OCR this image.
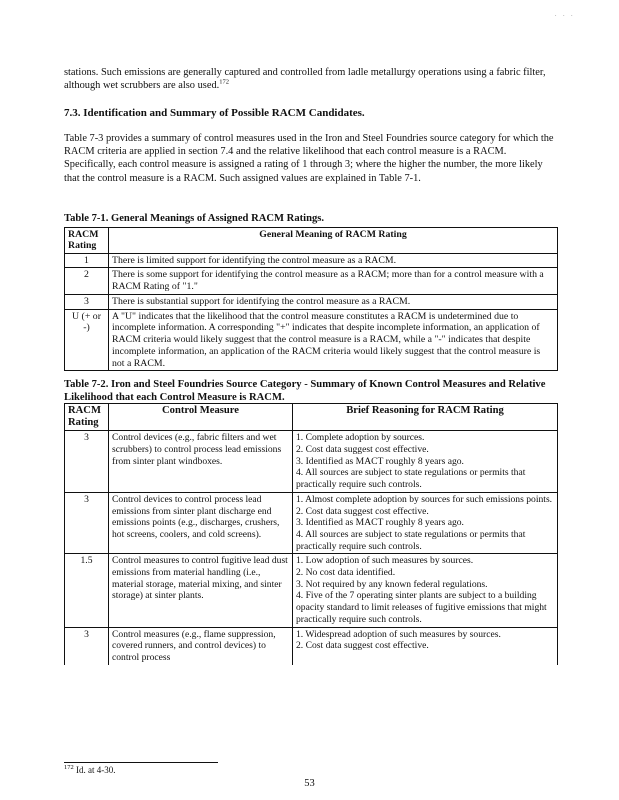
· · ·

stations. Such emissions are generally captured and controlled from ladle metallurgy operations using a fabric filter, although wet scrubbers are also used.$^{172}$

7.3. Identification and Summary of Possible RACM Candidates.

Table 7-3 provides a summary of control measures used in the Iron and Steel Foundries source category for which the RACM criteria are applied in section 7.4 and the relative likelihood that each control measure is a RACM. Specifically, each control measure is assigned a rating of 1 through 3; where the higher the number, the more likely that the control measure is a RACM. Such assigned values are explained in Table 7-1.

Table 7-1. General Meanings of Assigned RACM Ratings.

RACM Rating	General Meaning of RACM Rating
1	There is limited support for identifying the control measure as a RACM.
2	There is some support for identifying the control measure as a RACM; more than for a control measure with a RACM Rating of "1."
3	There is substantial support for identifying the control measure as a RACM.
U (+ or -)	A "U" indicates that the likelihood that the control measure constitutes a RACM is undetermined due to incomplete information. A corresponding "+" indicates that despite incomplete information, an application of RACM criteria would likely suggest that the control measure is a RACM, while a "-" indicates that despite incomplete information, an application of the RACM criteria would likely suggest that the control measure is not a RACM.

Table 7-2. Iron and Steel Foundries Source Category - Summary of Known Control Measures and Relative Likelihood that each Control Measure is RACM.

RACM Rating	Control Measure	Brief Reasoning for RACM Rating
3	Control devices (e.g., fabric filters and wet scrubbers) to control process lead emissions from sinter plant windboxes.	1. Complete adoption by sources.
2. Cost data suggest cost effective.
3. Identified as MACT roughly 8 years ago.
4. All sources are subject to state regulations or permits that practically require such controls.

3	Control devices to control process lead emissions from sinter plant discharge end emissions points (e.g., discharges, crushers, hot screens, coolers, and cold screens).	1. Almost complete adoption by sources for such emissions points.
2. Cost data suggest cost effective.
3. Identified as MACT roughly 8 years ago.
4. All sources are subject to state regulations or permits that practically require such controls.

1.5	Control measures to control fugitive lead dust emissions from material handling (i.e., material storage, material mixing, and sinter storage) at sinter plants.	1. Low adoption of such measures by sources.
2. No cost data identified.
3. Not required by any known federal regulations.
4. Five of the 7 operating sinter plants are subject to a building opacity standard to limit releases of fugitive emissions that might practically require such controls.

3	Control measures (e.g., flame suppression, covered runners, and control devices) to control process	1. Widespread adoption of such measures by sources.
2. Cost data suggest cost effective.

$^{172}$ Id. at 4-30.

53
